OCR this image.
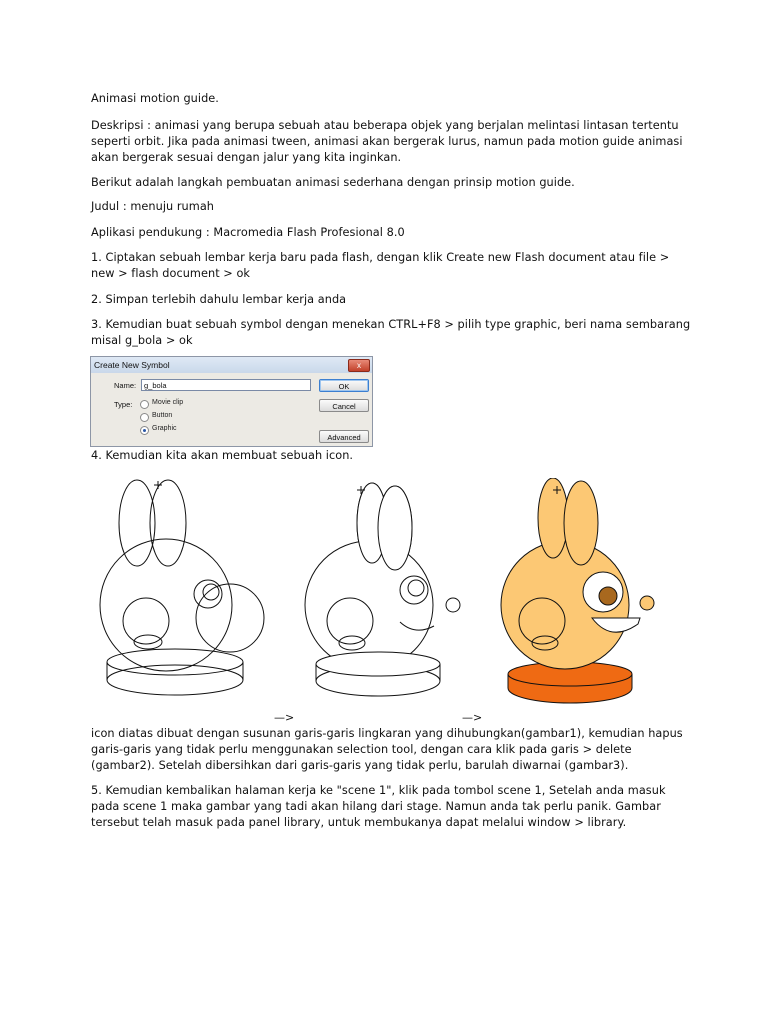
Animasi motion guide.

Deskripsi : animasi yang berupa sebuah atau beberapa objek yang berjalan melintasi lintasan tertentu seperti orbit. Jika pada animasi tween, animasi akan bergerak lurus, namun pada motion guide animasi akan bergerak sesuai dengan jalur yang kita inginkan.

Berikut adalah langkah pembuatan animasi sederhana dengan prinsip motion guide.

Judul : menuju rumah

Aplikasi pendukung : Macromedia Flash Profesional 8.0

1. Ciptakan sebuah lembar kerja baru pada flash, dengan klik Create new Flash document atau file > new > flash document > ok

2. Simpan terlebih dahulu lembar kerja anda

3. Kemudian buat sebuah symbol dengan menekan CTRL+F8 > pilih type graphic, beri nama sembarang misal g_bola > ok

Create New Symbol	x
Name:	g_bola
Type:	Movie clip
Button
Graphic
OK
Cancel
Advanced

4. Kemudian kita akan membuat sebuah icon.

—>	—>

icon diatas dibuat dengan susunan garis-garis lingkaran yang dihubungkan(gambar1), kemudian hapus garis-garis yang tidak perlu menggunakan selection tool, dengan cara klik pada garis > delete (gambar2). Setelah dibersihkan dari garis-garis yang tidak perlu, barulah diwarnai (gambar3).

5. Kemudian kembalikan halaman kerja ke "scene 1", klik pada tombol scene 1, Setelah anda masuk pada scene 1 maka gambar yang tadi akan hilang dari stage. Namun anda tak perlu panik. Gambar tersebut telah masuk pada panel library, untuk membukanya dapat melalui window > library.
